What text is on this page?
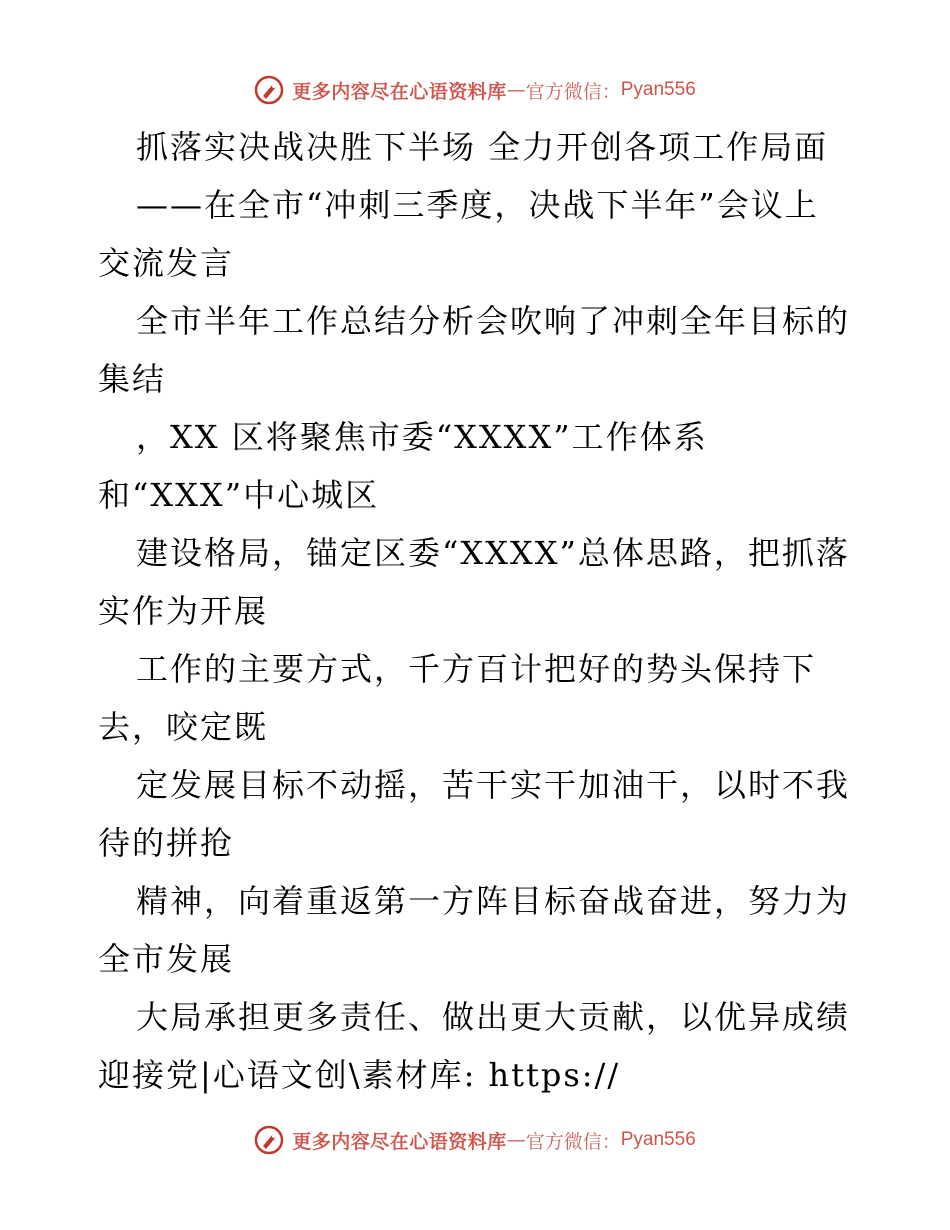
更多内容尽在心语资料库 — 官方微信： Pyan556
抓落实决战决胜下半场 全力开创各项工作局面
——在全市“冲刺三季度，决战下半年”会议上
交流发言
全市半年工作总结分析会吹响了冲刺全年目标的
集结
，XX 区将聚焦市委“XXXX”工作体系
和“XXX”中心城区
建设格局，锚定区委“XXXX”总体思路，把抓落
实作为开展
工作的主要方式，千方百计把好的势头保持下
去，咬定既
定发展目标不动摇，苦干实干加油干，以时不我
待的拼抢
精神，向着重返第一方阵目标奋战奋进，努力为
全市发展
大局承担更多责任、做出更大贡献，以优异成绩
迎接党|心语文创\素材库: https://
更多内容尽在心语资料库 — 官方微信： Pyan556
